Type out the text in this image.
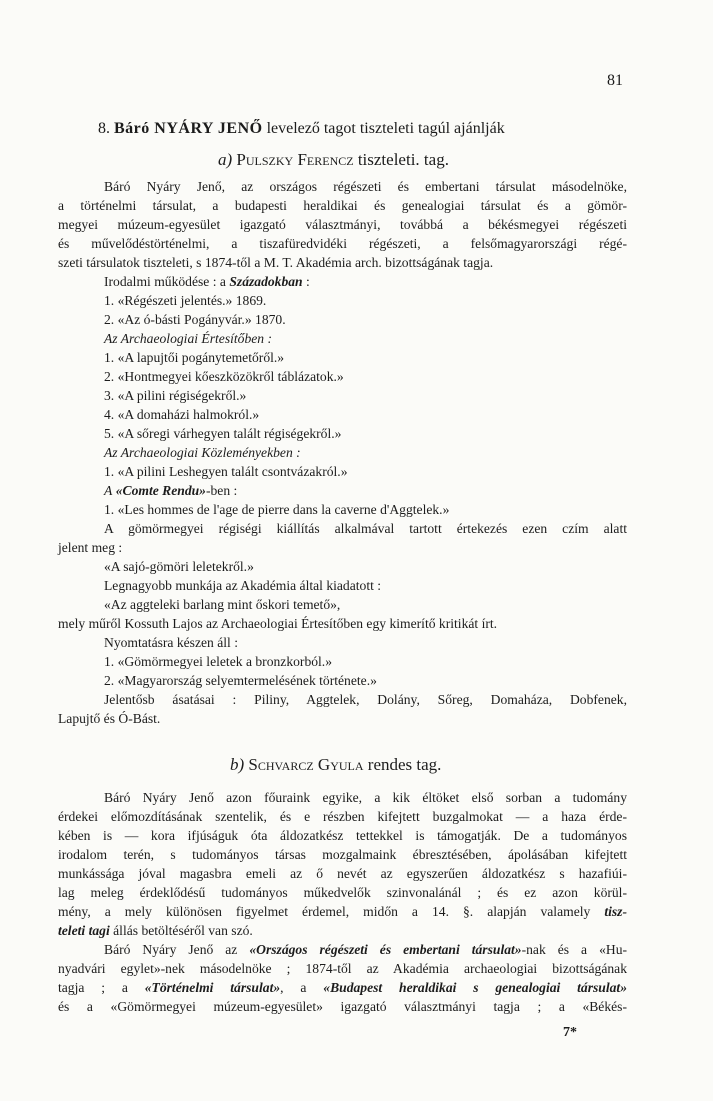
81
8. Báró NYÁRY JENŐ levelező tagot tiszteleti tagúl ajánlják
a) Pulszky Ferencz tiszteleti. tag.
Báró Nyáry Jenő, az országos régészeti és embertani társulat másodelnöke,
a történelmi társulat, a budapesti heraldikai és genealogiai társulat és a gömör-
megyei múzeum-egyesület igazgató választmányi, továbbá a békésmegyei régészeti
és művelődéstörténelmi, a tiszafüredvidéki régészeti, a felsőmagyarországi régé-
szeti társulatok tiszteleti, s 1874-től a M. T. Akadémia arch. bizottságának tagja.
Irodalmi működése : a Századokban :
1. «Régészeti jelentés.» 1869.
2. «Az ó-básti Pogányvár.» 1870.
Az Archaeologiai Értesítőben :
1. «A lapujtői pogánytemetőről.»
2. «Hontmegyei kőeszközökről táblázatok.»
3. «A pilini régiségekről.»
4. «A domaházi halmokról.»
5. «A sőregi várhegyen talált régiségekről.»
Az Archaeologiai Közleményekben :
1. «A pilini Leshegyen talált csontvázakról.»
A «Comte Rendu»-ben :
1. «Les hommes de l'age de pierre dans la caverne d'Aggtelek.»
A gömörmegyei régiségi kiállítás alkalmával tartott értekezés ezen czím alatt
jelent meg :
«A sajó-gömöri leletekről.»
Legnagyobb munkája az Akadémia által kiadatott :
«Az aggteleki barlang mint őskori temető»,
mely műről Kossuth Lajos az Archaeologiai Értesítőben egy kimerítő kritikát írt.
Nyomtatásra készen áll :
1. «Gömörmegyei leletek a bronzkorból.»
2. «Magyarország selyemtermelésének története.»
Jelentősb ásatásai : Piliny, Aggtelek, Dolány, Sőreg, Domaháza, Dobfenek,
Lapujtő és Ó-Bást.
b) Schvarcz Gyula rendes tag.
Báró Nyáry Jenő azon főuraink egyike, a kik éltöket első sorban a tudomány
érdekei előmozdításának szentelik, és e részben kifejtett buzgalmokat — a haza érde-
kében is — kora ifjúságuk óta áldozatkész tettekkel is támogatják. De a tudományos
irodalom terén, s tudományos társas mozgalmaink ébresztésében, ápolásában kifejtett
munkássága jóval magasbra emeli az ő nevét az egyszerűen áldozatkész s hazafiúi-
lag meleg érdeklődésű tudományos műkedvelők szinvonalánál ; és ez azon körül-
mény, a mely különösen figyelmet érdemel, midőn a 14. §. alapján valamely tisz-
teleti tagi állás betöltéséről van szó.
Báró Nyáry Jenő az «Országos régészeti és embertani társulat»-nak és a «Hu-
nyadvári egylet»-nek másodelnöke ; 1874-től az Akadémia archaeologiai bizottságának
tagja ; a «Történelmi társulat», a «Budapest heraldikai s genealogiai társulat»
és a «Gömörmegyei múzeum-egyesület» igazgató választmányi tagja ; a «Békés-
7*
